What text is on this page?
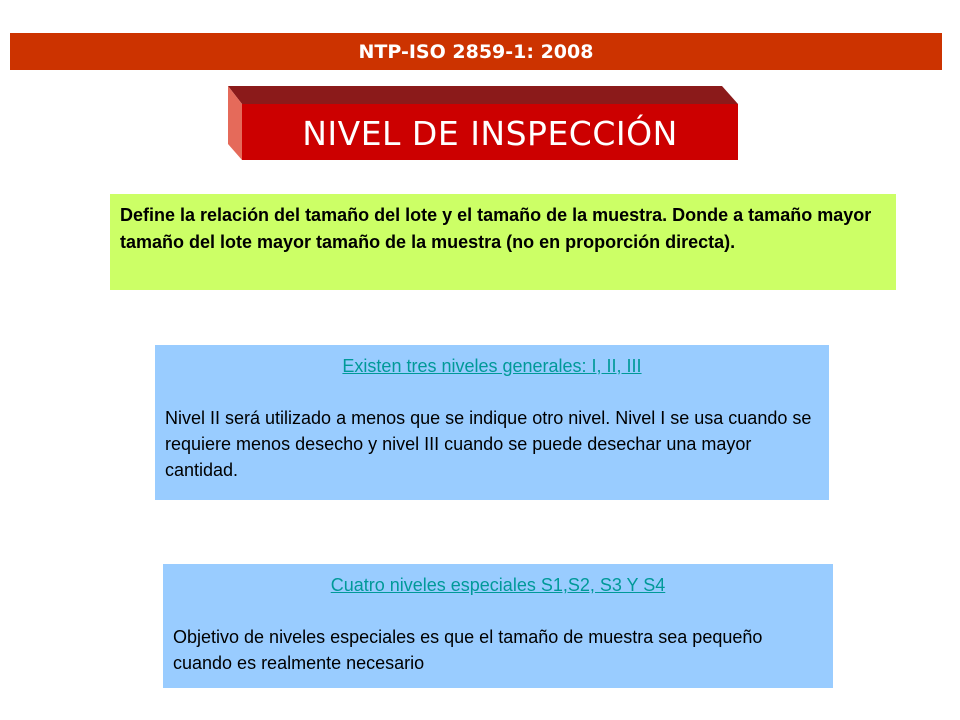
NTP-ISO 2859-1: 2008
NIVEL DE INSPECCIÓN
Define la relación del tamaño del lote y el tamaño de la muestra. Donde a tamaño mayor tamaño del lote mayor tamaño de la muestra (no en proporción directa).
Existen tres niveles generales: I, II, III
Nivel II será utilizado a menos que se indique otro nivel. Nivel I se usa cuando se requiere menos desecho y nivel III cuando se puede desechar una mayor cantidad.
Cuatro niveles especiales S1,S2, S3 Y S4
Objetivo de niveles especiales es que el tamaño de muestra sea pequeño cuando es realmente necesario
